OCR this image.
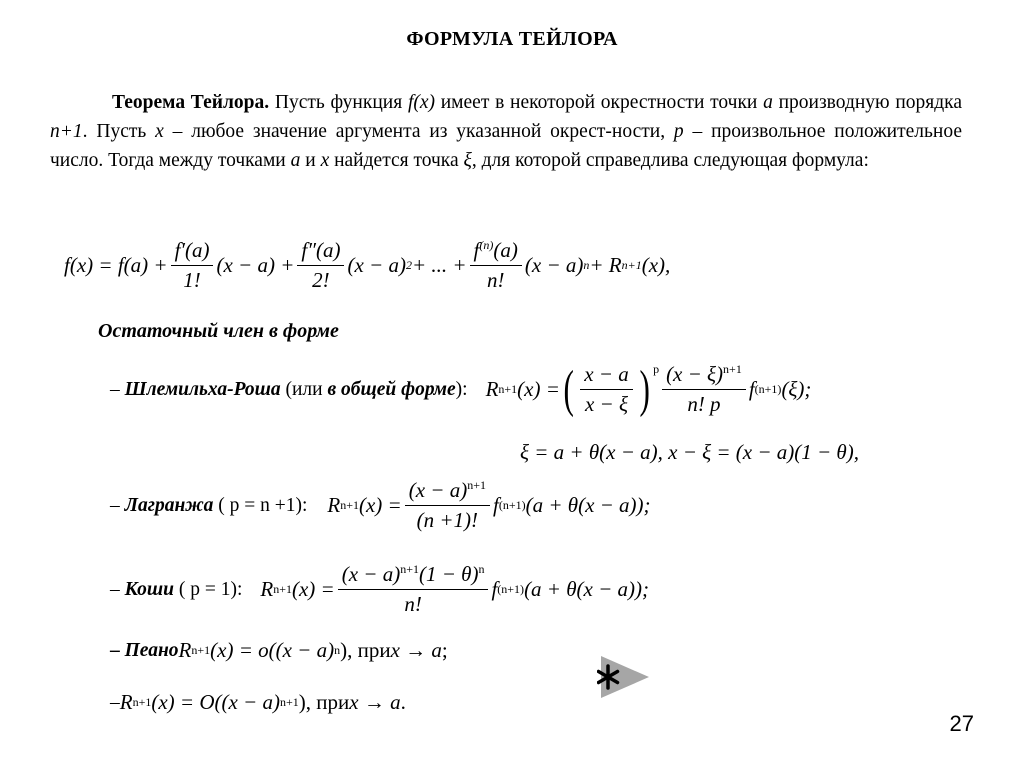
ФОРМУЛА ТЕЙЛОРА
Теорема Тейлора. Пусть функция f(x) имеет в некоторой окрестности точки a производную порядка n+1. Пусть x – любое значение аргумента из указанной окрест-ности, p – произвольное положительное число. Тогда между точками a и x найдется точка ξ, для которой справедлива следующая формула:
$f(x) = f(a) + \frac{f'(a)}{1!} (x - a) + \frac{f''(a)}{2!} (x - a) 2$ + ... + $\frac{f^{(n)}(a)}{n!} (x - a) n + R$ n+1 (x),
Остаточный член в форме
– Шлемильха-Роша (или в общей форме): R n+1 (x) = ( $\frac{x - a}{x - \xi}$ ) $^p \frac{(x - \xi)^{n+1}}{n! p}$ f (n+1) (ξ);
ξ = a + θ(x − a), x − ξ = (x − a)(1 − θ),
– Лагранжа ( p = n +1): R n+1 $(x) = \frac{(x - a)^{n+1}}{(n +1)!}$ f (n+1) (a + θ(x − a));
– Коши ( p = 1): R n+1 $(x) = \frac{(x - a)^{n+1}(1 - \theta)^n}{n!}$ f (n+1) (a + θ(x − a));
– Пеано R n+1 (x) = o((x − a) n ), при x → a ;
– R n+1 (x) = O((x − a) n+1 ), при x → a .
27
